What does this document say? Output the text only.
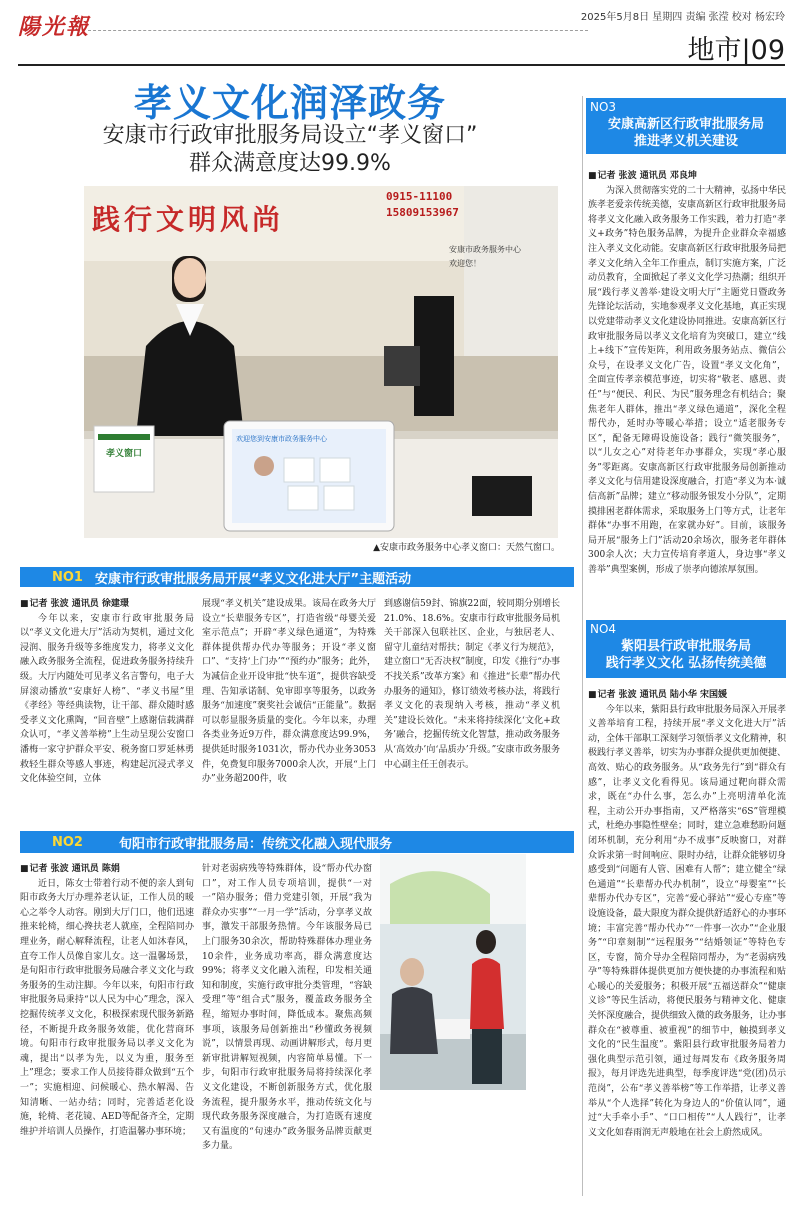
陽光報	2025年5月8日 星期四 责编 张滢 校对 杨宏玲
地市|09
孝义文化润泽政务
安康市行政审批服务局设立“孝义窗口”
群众满意度达99.9%
践行文明风尚
0915-11100
15809153967
安康市政务服务中心
欢迎您！
孝义窗口
欢迎您到安康市政务服务中心
▲安康市政务服务中心孝义窗口：天然气窗口。
NO1 安康市行政审批服务局开展“孝义文化进大厅”主题活动
■ 记者 张波 通讯员 徐建璟

今年以来，安康市行政审批服务局以“孝义文化进大厅”活动为契机，通过文化浸润、服务升级等多维度发力，将孝义文化融入政务服务全流程，促进政务服务持续升级。大厅内随处可见孝义名言警句，电子大屏滚动播放“安康好人榜”、“孝义书屋”里《孝经》等经典读物，让干部、群众随时感受孝义文化熏陶，“回音壁”上感谢信载满群众认可，“孝义善举榜”上生动呈现公安窗口潘梅一家守护群众平安、税务窗口罗延林勇救轻生群众等感人事迹，构建起沉浸式孝义文化体验空间，立体

展现“孝义机关”建设成果。该局在政务大厅设立“长辈服务专区”，打造省级“母婴关爱室示范点”；开辟“孝义绿色通道”，为特殊群体提供帮办代办等服务；开设“孝义窗口”、“支持‘上门办’”“预约办”服务；此外，为减信企业开设审批“快车道”，提供容缺受理、告知承诺制、免审即享等服务，以政务服务“加速度”褒奖社会诚信“正能量”。数据可以彰显服务质量的变化。今年以来，办理各类业务近9万件，群众满意度达99.9%，提供延时服务1031次，帮办代办业务3053件，免费复印服务7000余人次，开展“上门办”业务超200件，收

到感谢信59封、锦旗22面，较同期分别增长21.0%、18.6%。安康市行政审批服务局机关干部深入包联社区、企业，与独居老人、留守儿童结对帮扶；制定《孝义行为规范》，建立窗口“无否决权”制度，印发《推行“办事不找关系”改革方案》和《推进“长辈”帮办代办服务的通知》，修订绩效考核办法，将践行孝义文化的表现纳入考核，推动“孝义机关”建设长效化。“未来将持续深化‘文化+政务’融合，挖掘传统文化智慧，推动政务服务从‘高效办’向‘品质办’升级。”安康市政务服务中心副主任王创表示。

NO2	旬阳市行政审批服务局：传统文化融入现代服务
■ 记者 张波 通讯员 陈娟

近日，陈女士带着行动不便的亲人到旬阳市政务大厅办理养老认证，工作人员的暖心之举令人动容。刚到大厅门口，他们迅速推来轮椅，细心搀扶老人就座，全程陪同办理业务，耐心解释流程，让老人如沐春风，直夸工作人员像自家儿女。这一温馨场景，是旬阳市行政审批服务局融合孝义文化与政务服务的生动注脚。今年以来，旬阳市行政审批服务局秉持“以人民为中心”理念，深入挖掘传统孝义文化，积极探索现代服务新路径，不断提升政务服务效能，优化营商环境。旬阳市行政审批服务局以孝义文化为魂，提出“以孝为先，以义为重，服务至上”理念；要求工作人员接待群众做到“五个一”；实施相迎、问候暖心、热水解渴、告知清晰、一站办结；同时，完善适老化设施，轮椅、老花镜、AED等配备齐全，定期维护并培训人员操作，打造温馨办事环境；

针对老弱病残等特殊群体，设“帮办代办窗口”，对工作人员专项培训，提供“一对一”陪办服务；借力党建引领，开展“我为群众办实事”“一月一学”活动，分享孝义故事，激发干部服务热情。今年该服务局已上门服务30余次，帮助特殊群体办理业务10余件，业务成功率高，群众满意度达99%；将孝义文化融入流程，印发相关通知和制度，实施行政审批分类管理，“容缺受理”等“组合式”服务，覆盖政务服务全程，缩短办事时间，降低成本。聚焦高频事项，该服务局创新推出“秒懂政务视频说”，以情景再现、动画讲解形式，每月更新审批讲解短视频，内容简单易懂。下一步，旬阳市行政审批服务局将持续深化孝义文化建设，不断创新服务方式，优化服务流程，提升服务水平，推动传统文化与现代政务服务深度融合，为打造既有速度又有温度的“旬速办”政务服务品牌贡献更多力量。

NO3
安康高新区行政审批服务局
推进孝义机关建设
■ 记者 张波 通讯员 邓良坤

为深入贯彻落实党的二十大精神，弘扬中华民族孝老爱亲传统美德，安康高新区行政审批服务局将孝义文化融入政务服务工作实践，着力打造“孝义+政务”特色服务品牌，为提升企业群众幸福感注入孝义文化动能。安康高新区行政审批服务局把孝义文化纳入全年工作重点，制订实施方案，广泛动员教育，全面掀起了孝义文化学习热潮；组织开展“践行孝义善举·建设文明大厅”主题党日暨政务先锋论坛活动，实地参观孝义文化基地，真正实现以党建带动孝义文化建设协同推进。安康高新区行政审批服务局以孝义文化培育为突破口，建立“线上+线下”宣传矩阵，利用政务服务站点、微信公众号，在设孝义文化广告，设置“孝义文化角”，全面宣传孝亲模范事迹，切实将“敬老、感恩、责任”与“便民、利民、为民”服务理念有机结合；聚焦老年人群体，推出“孝义绿色通道”，深化全程帮代办，延时办等暖心举措；设立“适老服务专区”，配备无障碍设施设备；践行“微笑服务”，以“儿女之心”对待老年办事群众，实现“孝心服务”零距离。安康高新区行政审批服务局创新推动孝义文化与信用建设深度融合，打造“孝义为本·诚信高新”品牌；建立“移动服务银发小分队”，定期摸排困老群体需求，采取服务上门等方式，让老年群体“办事不用跑，在家就办好”。目前，该服务局开展“服务上门”活动20余场次，服务老年群体300余人次；大力宣传培育孝道人，身边事“孝义善举”典型案例，形成了崇孝向德浓厚氛围。

NO4
紫阳县行政审批服务局
践行孝义文化 弘扬传统美德
■ 记者 张波 通讯员 陆小华 宋国媛

今年以来，紫阳县行政审批服务局深入开展孝义善举培育工程，持续开展“孝义文化进大厅”活动，全体干部职工深刻学习领悟孝义文化精神，积极践行孝义善举，切实为办事群众提供更加便捷、高效、贴心的政务服务。从“政务先行”到“群众有感”，让孝义文化看得见。该局通过靶向群众需求，既在“办什么事，怎么办”上亮明清单化流程，主动公开办事指南，又严格落实“6S”管理模式，杜绝办事隐性壁垒；同时，建立急难愁盼问题闭环机制，充分利用“办不成事”反映窗口，对群众诉求第一时间响应、限时办结，让群众能够切身感受到“问题有人管、困难有人帮”；建立健全“绿色通道”“长辈帮办代办机制”，设立“母婴室”“长辈帮办代办专区”，完善“爱心驿站”“爱心专座”等设施设备，最大限度为群众提供舒适舒心的办事环境；丰富完善“帮办代办”“一件事一次办”“企业服务”“印章刻制”“远程服务”“结婚领证”等特色专区，专窗，简介导办全程陪同帮办，为“老弱病残孕”等特殊群体提供更加方便快捷的办事流程和贴心暖心的关爱服务；积极开展“五福送群众”“健康义诊”等民生活动，将便民服务与精神文化、健康关怀深度融合，提供细致入微的政务服务，让办事群众在“被尊重、被重视”的细节中，触摸到孝义文化的“民生温度”。紫阳县行政审批服务局着力强化典型示范引领，通过每周发布《政务服务周报》，每月评选先进典型，每季度评选“党(团)员示范岗”，公布“孝义善举榜”等工作举措，让孝义善举从“个人选择”转化为身边人的“价值认同”，通过“大手牵小手”、“口口相传”“人人践行”，让孝义文化如春雨润无声般地在社会上蔚然成风。
